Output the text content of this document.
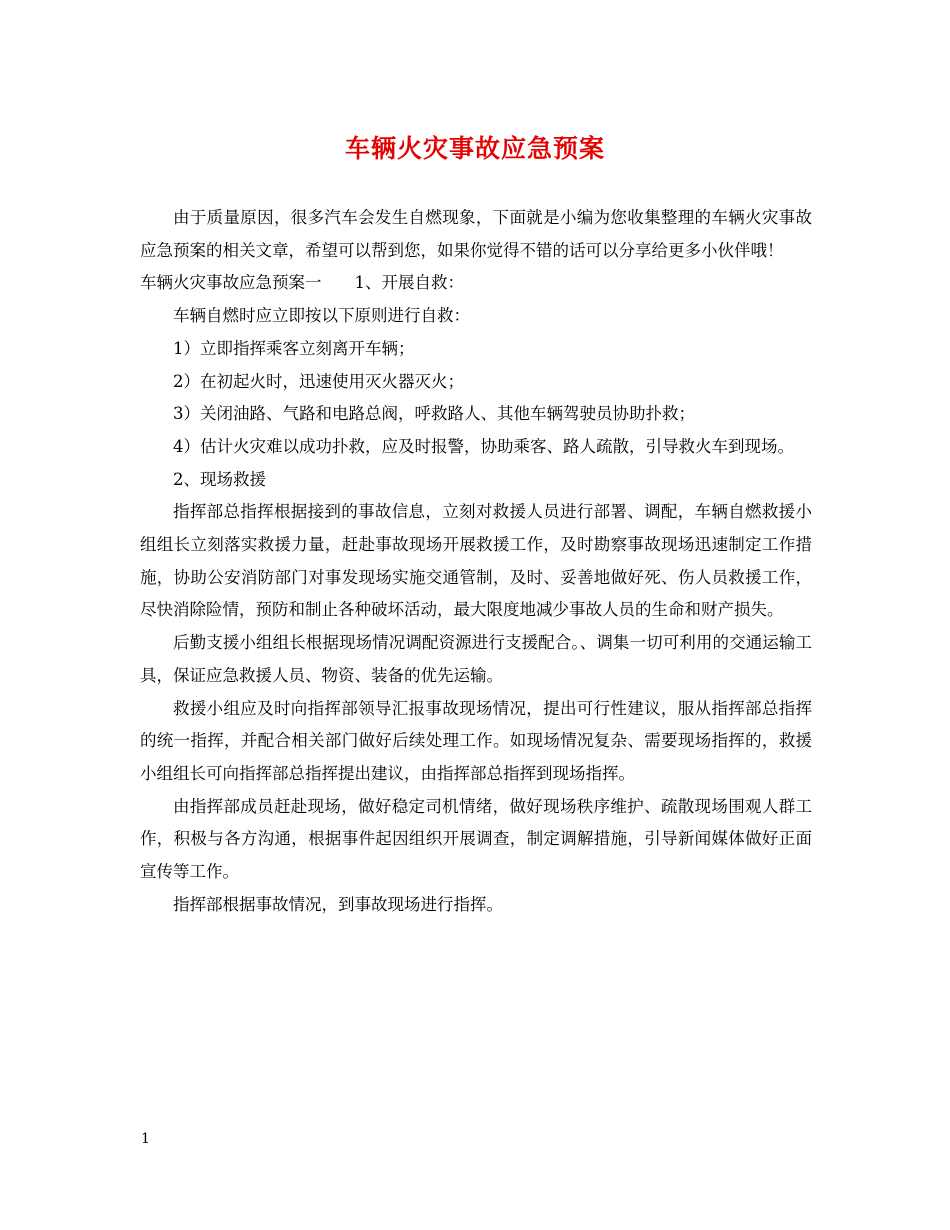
车辆火灾事故应急预案

由于质量原因，很多汽车会发生自燃现象，下面就是小编为您收集整理的车辆火灾事故应急预案的相关文章，希望可以帮到您，如果你觉得不错的话可以分享给更多小伙伴哦！

车辆火灾事故应急预案一　　1、开展自救：

车辆自燃时应立即按以下原则进行自救：

1）立即指挥乘客立刻离开车辆；

2）在初起火时，迅速使用灭火器灭火；

3）关闭油路、气路和电路总阀，呼救路人、其他车辆驾驶员协助扑救；

4）估计火灾难以成功扑救，应及时报警，协助乘客、路人疏散，引导救火车到现场。

2、现场救援

指挥部总指挥根据接到的事故信息，立刻对救援人员进行部署、调配，车辆自燃救援小组组长立刻落实救援力量，赶赴事故现场开展救援工作，及时勘察事故现场迅速制定工作措施，协助公安消防部门对事发现场实施交通管制，及时、妥善地做好死、伤人员救援工作，尽快消除险情，预防和制止各种破坏活动，最大限度地减少事故人员的生命和财产损失。

后勤支援小组组长根据现场情况调配资源进行支援配合。、调集一切可利用的交通运输工具，保证应急救援人员、物资、装备的优先运输。

救援小组应及时向指挥部领导汇报事故现场情况，提出可行性建议，服从指挥部总指挥的统一指挥，并配合相关部门做好后续处理工作。如现场情况复杂、需要现场指挥的，救援小组组长可向指挥部总指挥提出建议，由指挥部总指挥到现场指挥。

由指挥部成员赶赴现场，做好稳定司机情绪，做好现场秩序维护、疏散现场围观人群工作，积极与各方沟通，根据事件起因组织开展调查，制定调解措施，引导新闻媒体做好正面宣传等工作。

指挥部根据事故情况，到事故现场进行指挥。

1
